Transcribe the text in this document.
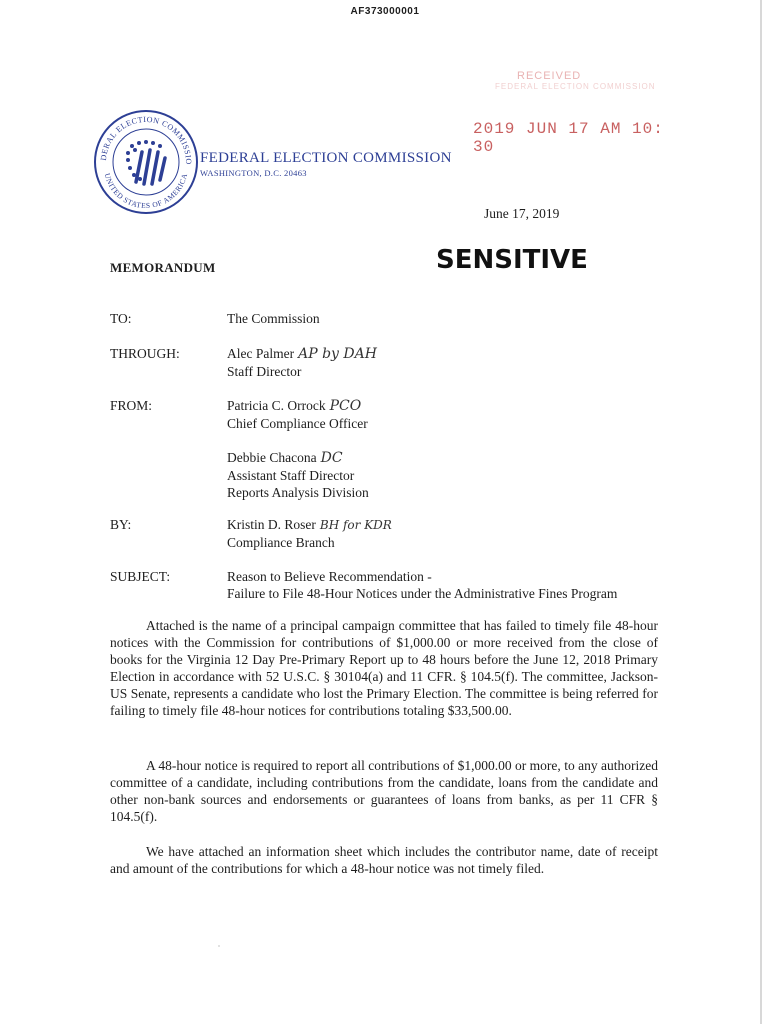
AF373000001
RECEIVED
FEDERAL ELECTION COMMISSION
2019 JUN 17 AM 10: 30
DERAL ELECTION COMMISSIO
UNITED STATES OF AMERICA
FEDERAL ELECTION COMMISSION
WASHINGTON, D.C. 20463
June 17, 2019
MEMORANDUM	SENSITIVE
TO:	The Commission
THROUGH:	Alec Palmer AP by DAH
Staff Director
FROM:	Patricia C. Orrock PCO
Chief Compliance Officer
Debbie Chacona DC
Assistant Staff Director
Reports Analysis Division
BY:	Kristin D. Roser BH for KDR
Compliance Branch
SUBJECT:	Reason to Believe Recommendation -
Failure to File 48-Hour Notices under the Administrative Fines Program

Attached is the name of a principal campaign committee that has failed to timely file 48-hour notices with the Commission for contributions of $1,000.00 or more received from the close of books for the Virginia 12 Day Pre-Primary Report up to 48 hours before the June 12, 2018 Primary Election in accordance with 52 U.S.C. § 30104(a) and 11 CFR. § 104.5(f). The committee, Jackson-US Senate, represents a candidate who lost the Primary Election. The committee is being referred for failing to timely file 48-hour notices for contributions totaling $33,500.00.

A 48-hour notice is required to report all contributions of $1,000.00 or more, to any authorized committee of a candidate, including contributions from the candidate, loans from the candidate and other non-bank sources and endorsements or guarantees of loans from banks, as per 11 CFR § 104.5(f).

We have attached an information sheet which includes the contributor name, date of receipt and amount of the contributions for which a 48-hour notice was not timely filed.
